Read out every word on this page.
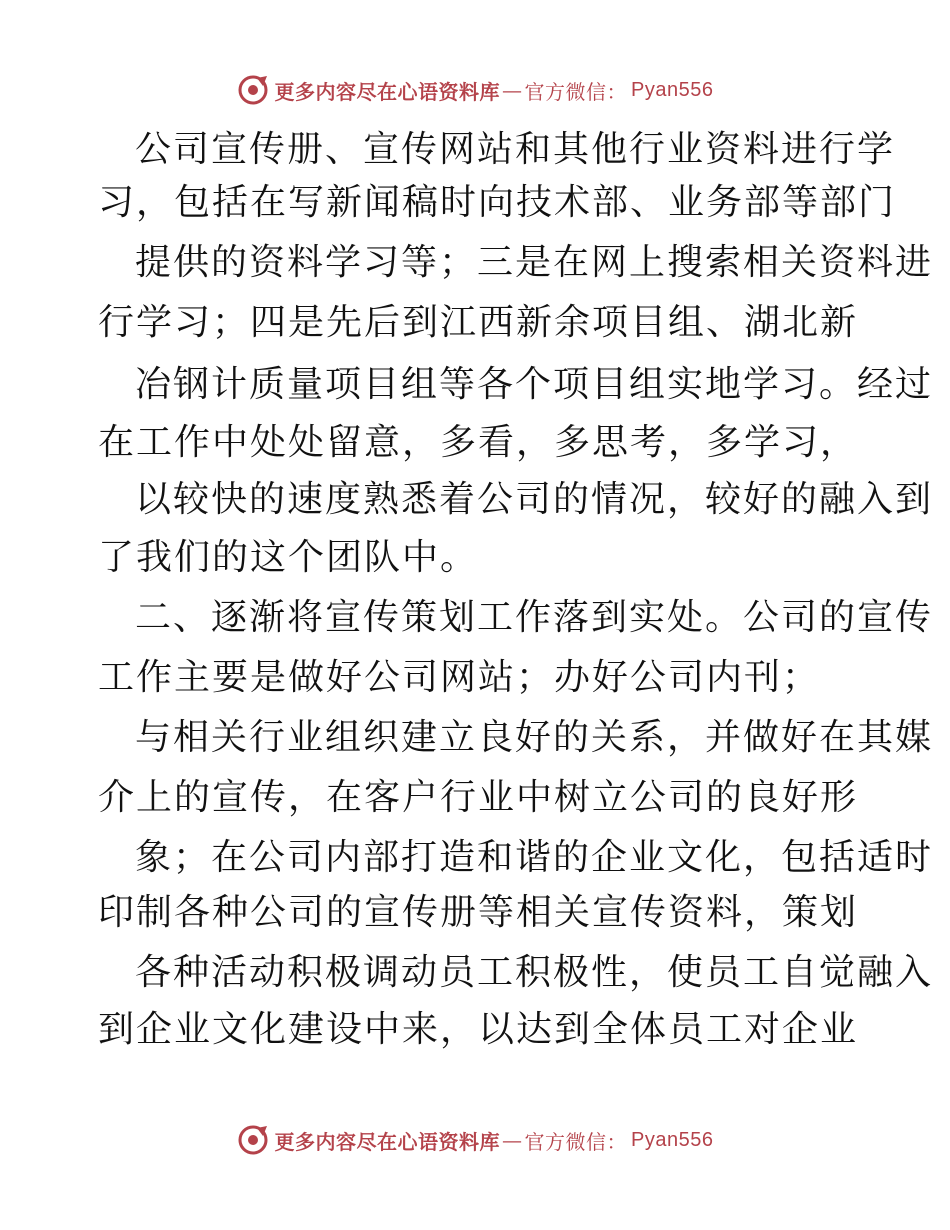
更多内容尽在心语资料库 — 官方微信： Pyan556
公司宣传册、宣传网站和其他行业资料进行学
习，包括在写新闻稿时向技术部、业务部等部门
提供的资料学习等；三是在网上搜索相关资料进
行学习；四是先后到江西新余项目组、湖北新
冶钢计质量项目组等各个项目组实地学习。经过
在工作中处处留意，多看，多思考，多学习，
以较快的速度熟悉着公司的情况，较好的融入到
了我们的这个团队中。
二、逐渐将宣传策划工作落到实处。公司的宣传
工作主要是做好公司网站；办好公司内刊；
与相关行业组织建立良好的关系，并做好在其媒
介上的宣传，在客户行业中树立公司的良好形
象；在公司内部打造和谐的企业文化，包括适时
印制各种公司的宣传册等相关宣传资料，策划
各种活动积极调动员工积极性，使员工自觉融入
到企业文化建设中来，以达到全体员工对企业
更多内容尽在心语资料库 — 官方微信： Pyan556
